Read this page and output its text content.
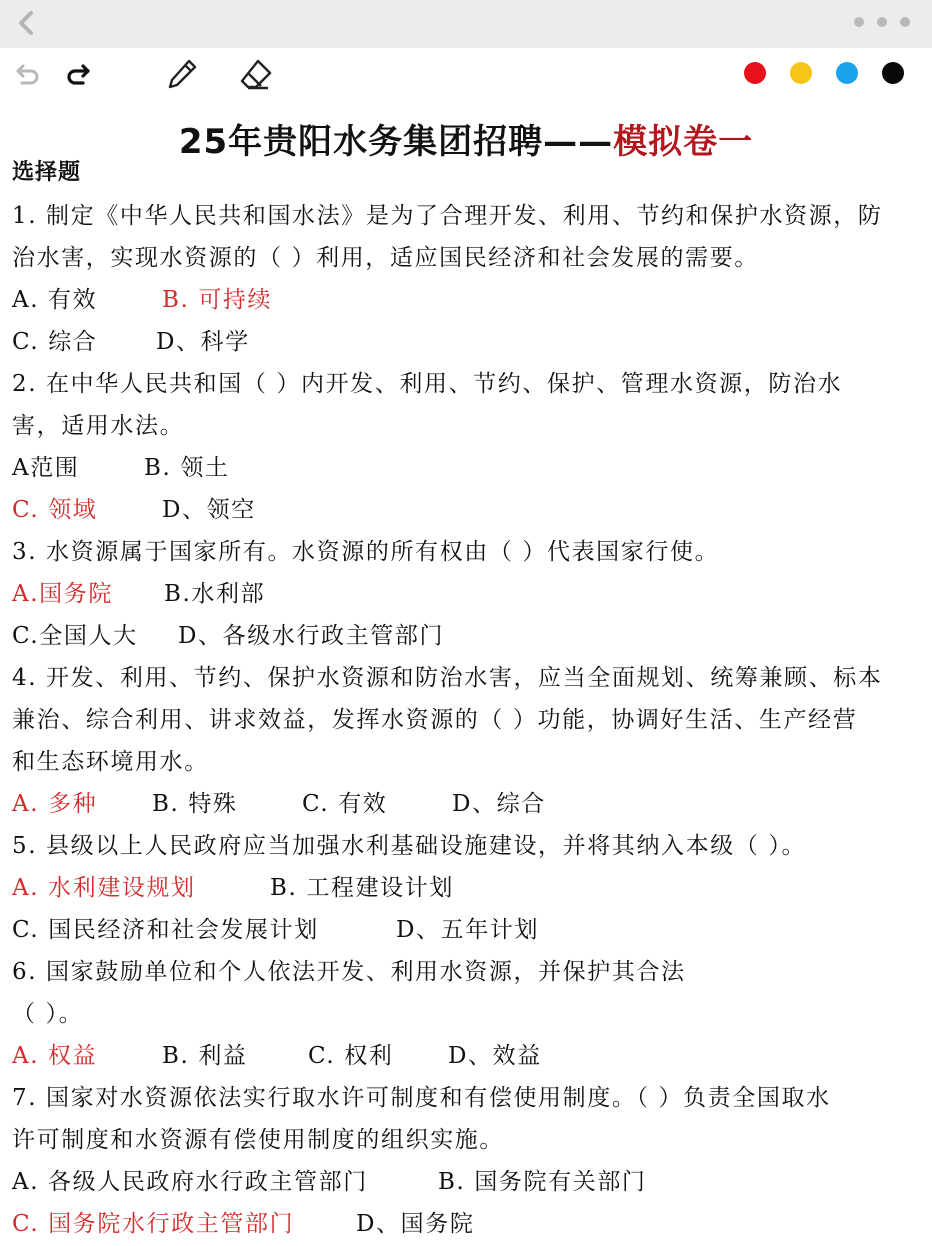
25年贵阳水务集团招聘——模拟卷一
选择题
1. 制定《中华人民共和国水法》是为了合理开发、利用、节约和保护水资源，防
治水害，实现水资源的（ ）利用，适应国民经济和社会发展的需要。
A. 有效	B. 可持续
C. 综合	D、科学
2. 在中华人民共和国（ ）内开发、利用、节约、保护、管理水资源，防治水
害，适用水法。
A范围	B. 领土
C. 领域	D、领空
3. 水资源属于国家所有。水资源的所有权由（ ）代表国家行使。
A.国务院 B.水利部
C.全国人大 D、各级水行政主管部门
4. 开发、利用、节约、保护水资源和防治水害，应当全面规划、统筹兼顾、标本
兼治、综合利用、讲求效益，发挥水资源的（ ）功能，协调好生活、生产经营
和生态环境用水。
A. 多种 B. 特殊	C. 有效	D、综合
5. 县级以上人民政府应当加强水利基础设施建设，并将其纳入本级（ ）。
A. 水利建设规划	B. 工程建设计划
C. 国民经济和社会发展计划	D、五年计划
6. 国家鼓励单位和个人依法开发、利用水资源，并保护其合法
（ ）。
A. 权益	B. 利益	C. 权利 D、效益
7. 国家对水资源依法实行取水许可制度和有偿使用制度。（ ）负责全国取水
许可制度和水资源有偿使用制度的组织实施。
A. 各级人民政府水行政主管部门	B. 国务院有关部门
C. 国务院水行政主管部门	D、国务院
